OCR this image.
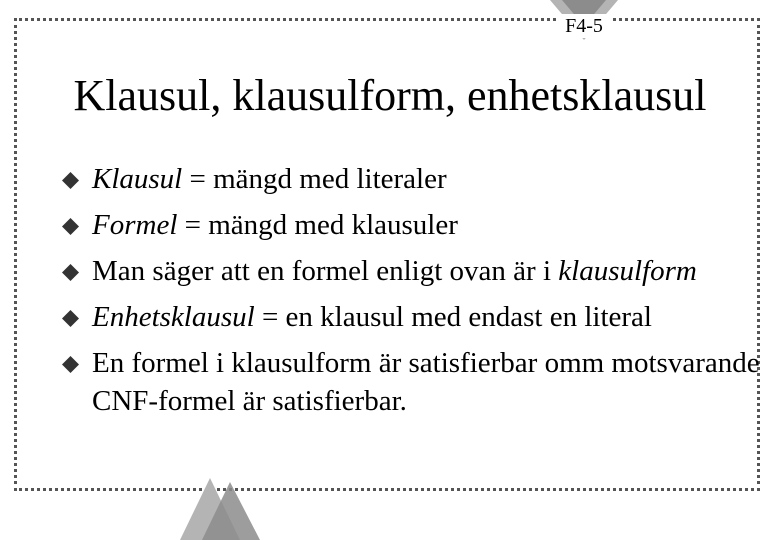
F4-5
Klausul, klausulform, enhetsklausul
Klausul = mängd med literaler
Formel = mängd med klausuler
Man säger att en formel enligt ovan är i klausulform
Enhetsklausul = en klausul med endast en literal
En formel i klausulform är satisfierbar omm motsvarande CNF-formel är satisfierbar.
